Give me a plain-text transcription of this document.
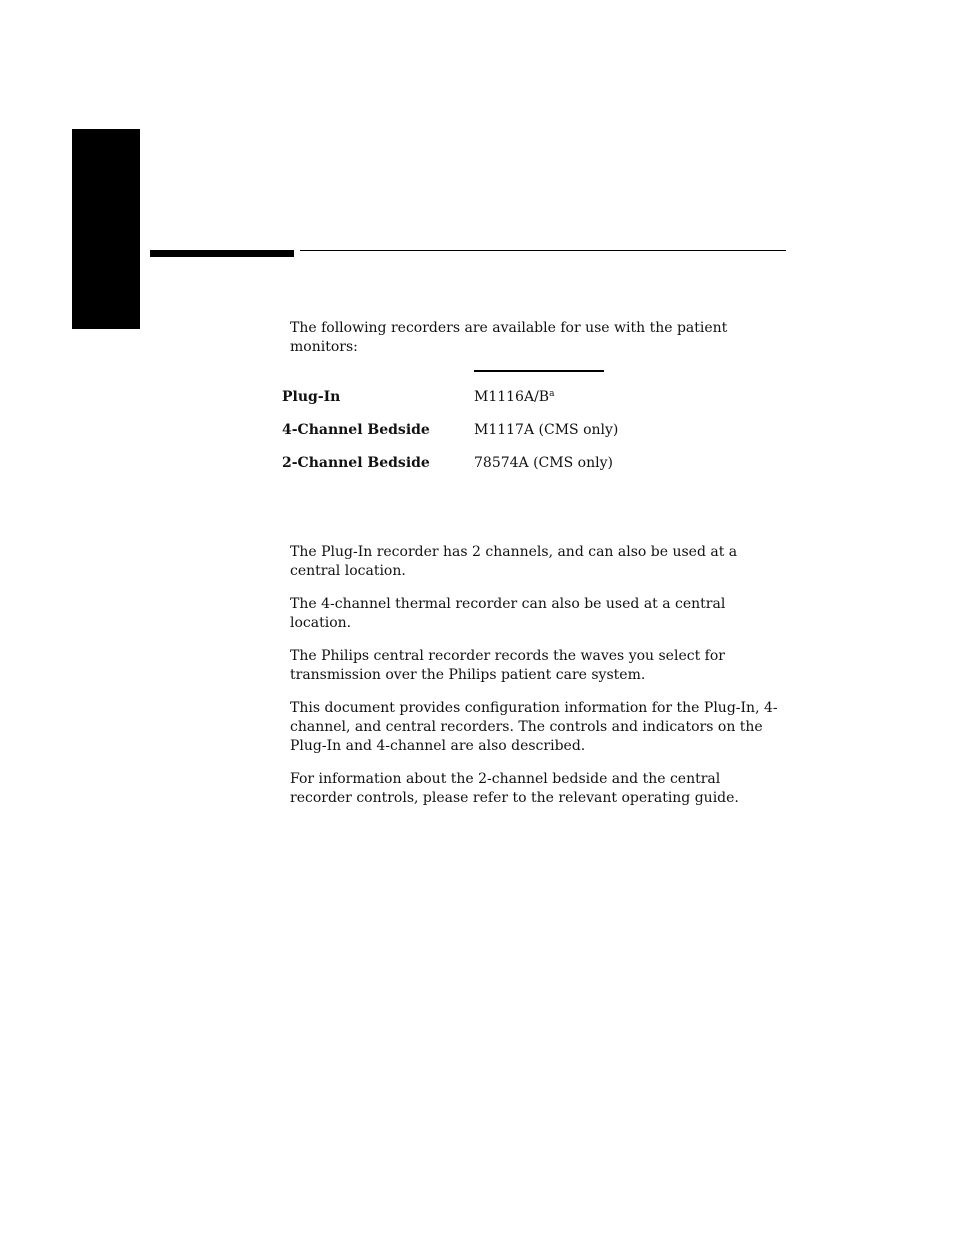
The following recorders are available for use with the patient monitors:

Plug-In	$M1116A/B^a$
4-Channel Bedside	M1117A (CMS only)
2-Channel Bedside	78574A (CMS only)

The Plug-In recorder has 2 channels, and can also be used at a central location.

The 4-channel thermal recorder can also be used at a central location.

The Philips central recorder records the waves you select for transmission over the Philips patient care system.

This document provides configuration information for the Plug-In, 4-channel, and central recorders. The controls and indicators on the Plug-In and 4-channel are also described.

For information about the 2-channel bedside and the central recorder controls, please refer to the relevant operating guide.
